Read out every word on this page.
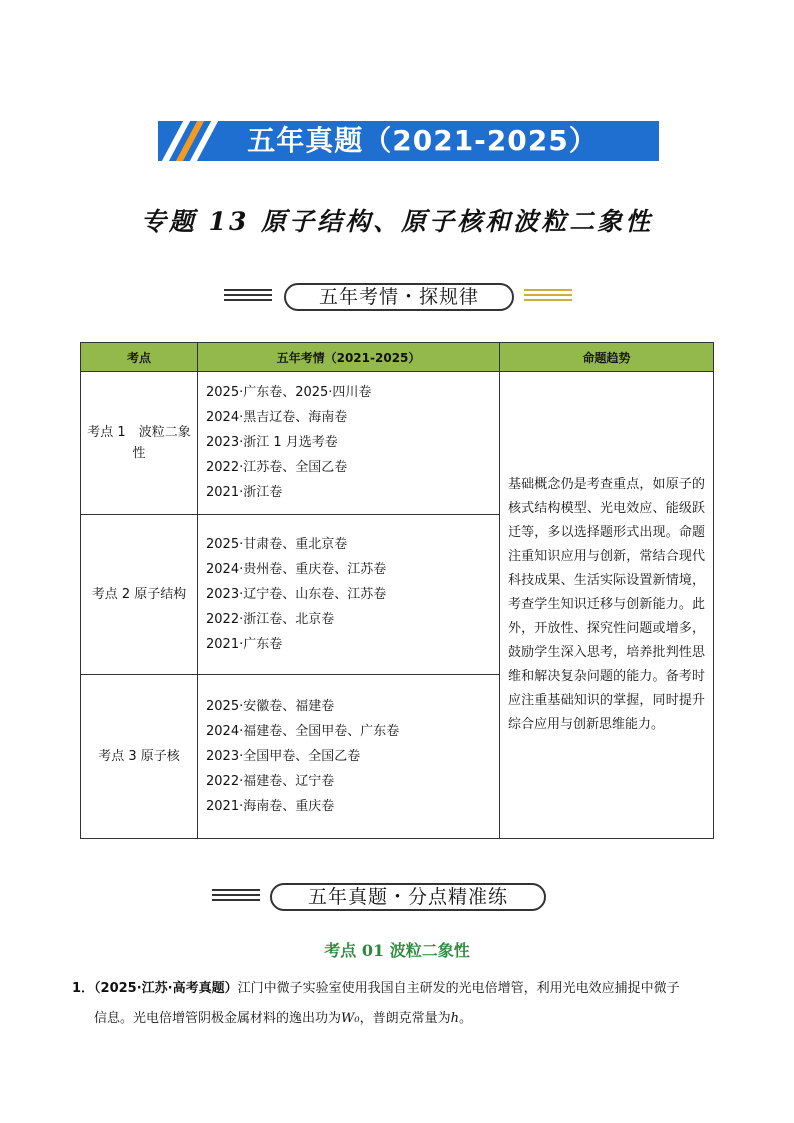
五年真题（2021-2025）
专题 13 原子结构、原子核和波粒二象性
五年考情・探规律
考点	五年考情（2021-2025）	命题趋势
考点 1　波粒二象性	2025·广东卷、2025·四川卷
2024·黑吉辽卷、海南卷
2023·浙江 1 月选考卷
2022·江苏卷、全国乙卷
2021·浙江卷	基础概念仍是考查重点，如原子的核式结构模型、光电效应、能级跃迁等，多以选择题形式出现。命题注重知识应用与创新，常结合现代科技成果、生活实际设置新情境，考查学生知识迁移与创新能力。此外，开放性、探究性问题或增多，鼓励学生深入思考，培养批判性思维和解决复杂问题的能力。备考时应注重基础知识的掌握，同时提升综合应用与创新思维能力。
考点 2 原子结构	2025·甘肃卷、重北京卷
2024·贵州卷、重庆卷、江苏卷
2023·辽宁卷、山东卷、江苏卷
2022·浙江卷、北京卷
2021·广东卷	

考点 3 原子核	2025·安徽卷、福建卷
2024·福建卷、全国甲卷、广东卷
2023·全国甲卷、全国乙卷
2022·福建卷、辽宁卷
2021·海南卷、重庆卷	
五年真题・分点精准练
考点 01 波粒二象性
1．（2025·江苏·高考真题）江门中微子实验室使用我国自主研发的光电倍增管，利用光电效应捕捉中微子
信息。光电倍增管阴极金属材料的逸出功为W₀，普朗克常量为h。
